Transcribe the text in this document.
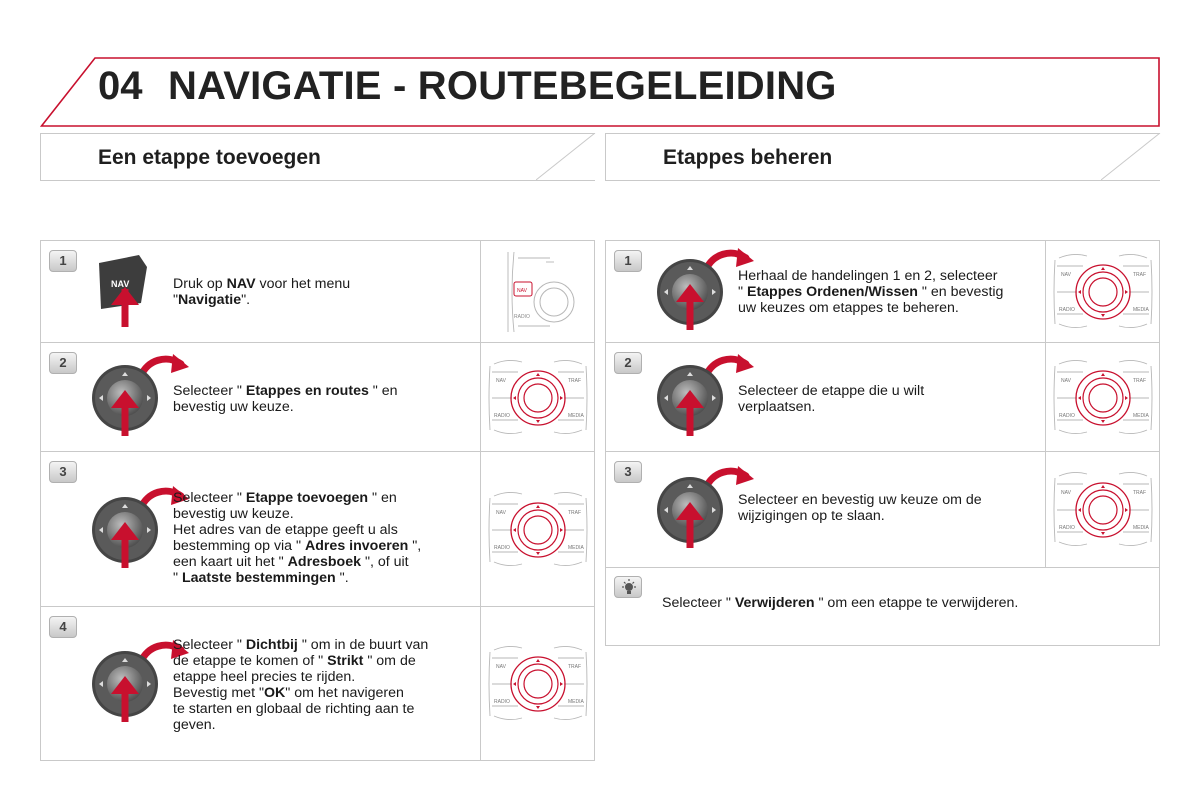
04 NAVIGATIE - ROUTEBEGELEIDING
Een etappe toevoegen	Etappes beheren
1
NAV	Druk op NAV voor het menu
"Navigatie".
NAV
RADIO
2
Selecteer " Etappes en routes " en
bevestig uw keuze.
NAV	TRAF
RADIO	MEDIA
3
Selecteer " Etappe toevoegen " en
bevestig uw keuze.
Het adres van de etappe geeft u als
bestemming op via " Adres invoeren ",
een kaart uit het " Adresboek ", of uit
" Laatste bestemmingen ".
NAV	TRAF
RADIO	MEDIA
4
Selecteer " Dichtbij " om in de buurt van
de etappe te komen of " Strikt " om de
etappe heel precies te rijden.
Bevestig met "OK" om het navigeren
te starten en globaal de richting aan te
geven.
NAV	TRAF
RADIO	MEDIA
1
Herhaal de handelingen 1 en 2, selecteer
" Etappes Ordenen/Wissen " en bevestig
uw keuzes om etappes te beheren.
NAV	TRAF
RADIO	MEDIA
2
Selecteer de etappe die u wilt
verplaatsen.
NAV	TRAF
RADIO	MEDIA
3
Selecteer en bevestig uw keuze om de
wijzigingen op te slaan.
NAV	TRAF
RADIO	MEDIA
Selecteer " Verwijderen " om een etappe te verwijderen.
